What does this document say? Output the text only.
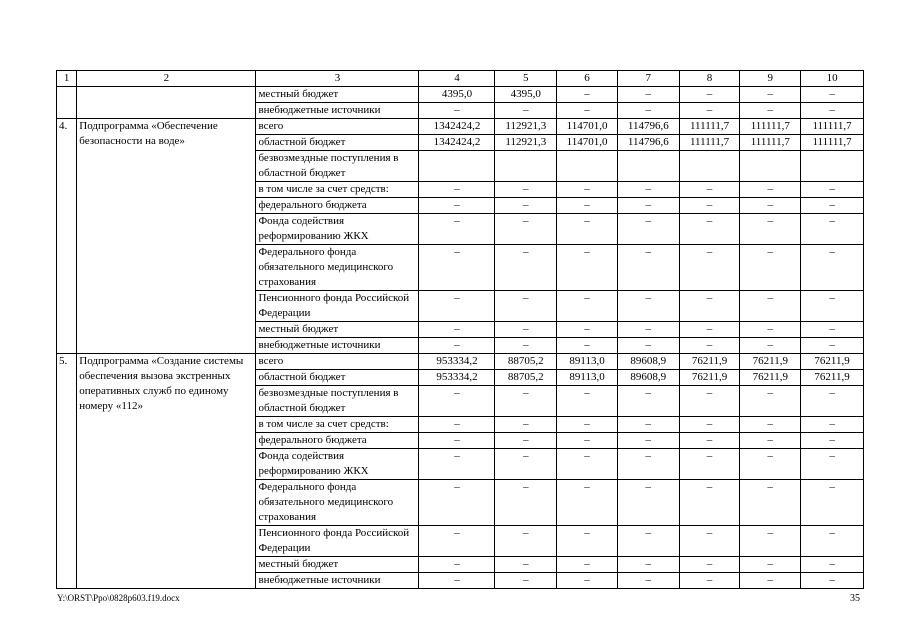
1	2	3	4	5	6	7	8	9	10
		местный бюджет	4395,0	4395,0	–	–	–	–	–
		внебюджетные источники	–	–	–	–	–	–	–
4.	Подпрограмма «Обеспечение безопасности на воде»	всего	1342424,2	112921,3	114701,0	114796,6	111111,7	111111,7	111111,7
		областной бюджет	1342424,2	112921,3	114701,0	114796,6	111111,7	111111,7	111111,7
		безвозмездные поступления в областной бюджет							
		в том числе за счет средств:	–	–	–	–	–	–	–
		федерального бюджета	–	–	–	–	–	–	–
		Фонда содействия реформированию ЖКХ	–	–	–	–	–	–	–
		Федерального фонда обязательного медицинского страхования	–	–	–	–	–	–	–
		Пенсионного фонда Российской Федерации	–	–	–	–	–	–	–
		местный бюджет	–	–	–	–	–	–	–
		внебюджетные источники	–	–	–	–	–	–	–
5.	Подпрограмма «Создание системы обеспечения вызова экстренных оперативных служб по единому номеру «112»	всего	953334,2	88705,2	89113,0	89608,9	76211,9	76211,9	76211,9
		областной бюджет	953334,2	88705,2	89113,0	89608,9	76211,9	76211,9	76211,9
		безвозмездные поступления в областной бюджет	–	–	–	–	–	–	–
		в том числе за счет средств:	–	–	–	–	–	–	–
		федерального бюджета	–	–	–	–	–	–	–
		Фонда содействия реформированию ЖКХ	–	–	–	–	–	–	–
		Федерального фонда обязательного медицинского страхования	–	–	–	–	–	–	–
		Пенсионного фонда Российской Федерации	–	–	–	–	–	–	–
		местный бюджет	–	–	–	–	–	–	–
		внебюджетные источники	–	–	–	–	–	–	–
Y:\ORST\Ppo\0828p603.f19.docx	35
